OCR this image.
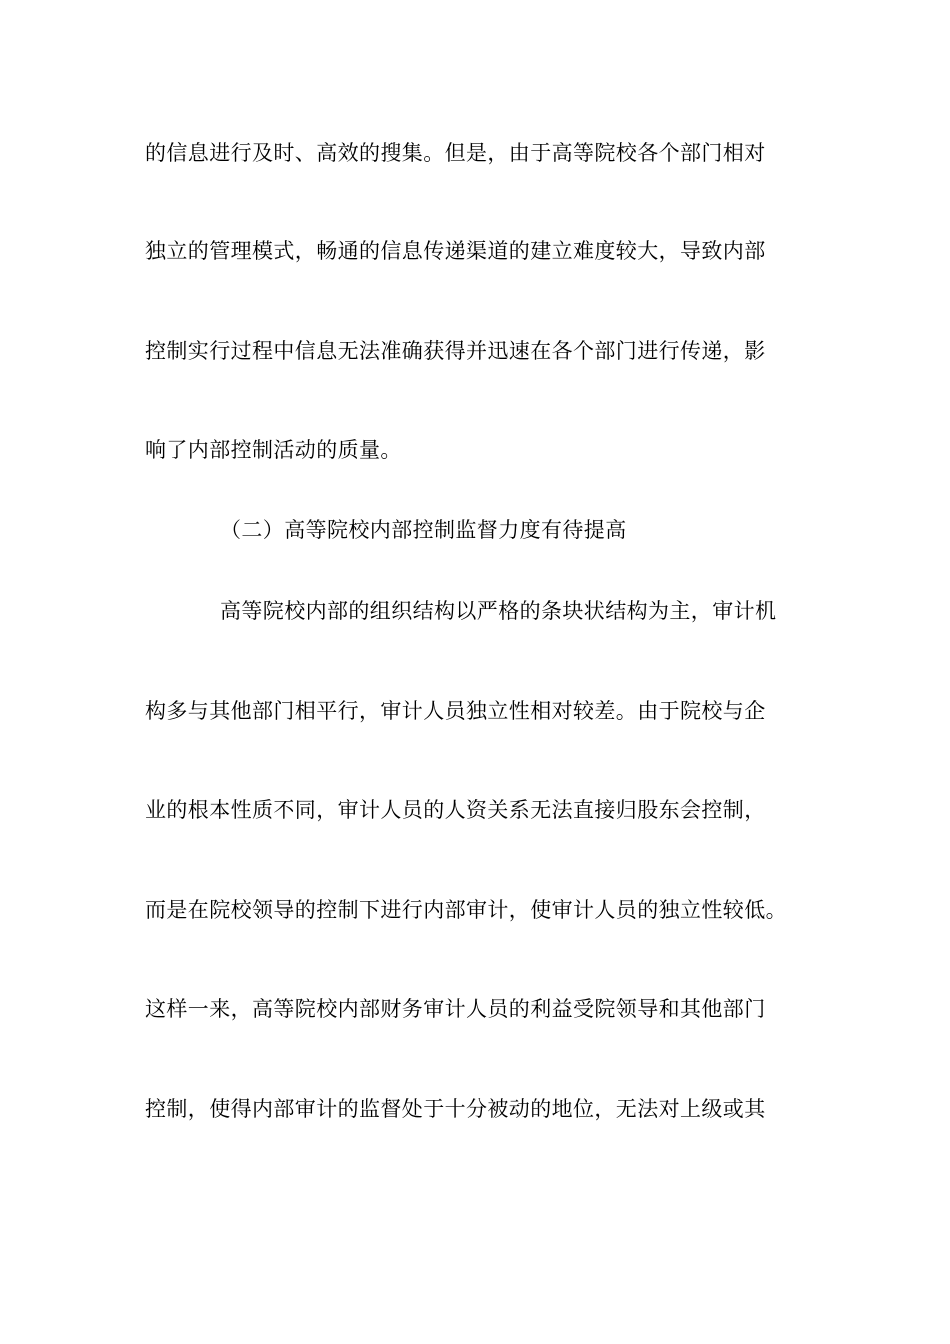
的信息进行及时、高效的搜集。但是，由于高等院校各个部门相对
独立的管理模式，畅通的信息传递渠道的建立难度较大，导致内部
控制实行过程中信息无法准确获得并迅速在各个部门进行传递，影
响了内部控制活动的质量。
（二）高等院校内部控制监督力度有待提高
高等院校内部的组织结构以严格的条块状结构为主，审计机
构多与其他部门相平行，审计人员独立性相对较差。由于院校与企
业的根本性质不同，审计人员的人资关系无法直接归股东会控制，
而是在院校领导的控制下进行内部审计，使审计人员的独立性较低。
这样一来，高等院校内部财务审计人员的利益受院领导和其他部门
控制，使得内部审计的监督处于十分被动的地位，无法对上级或其
